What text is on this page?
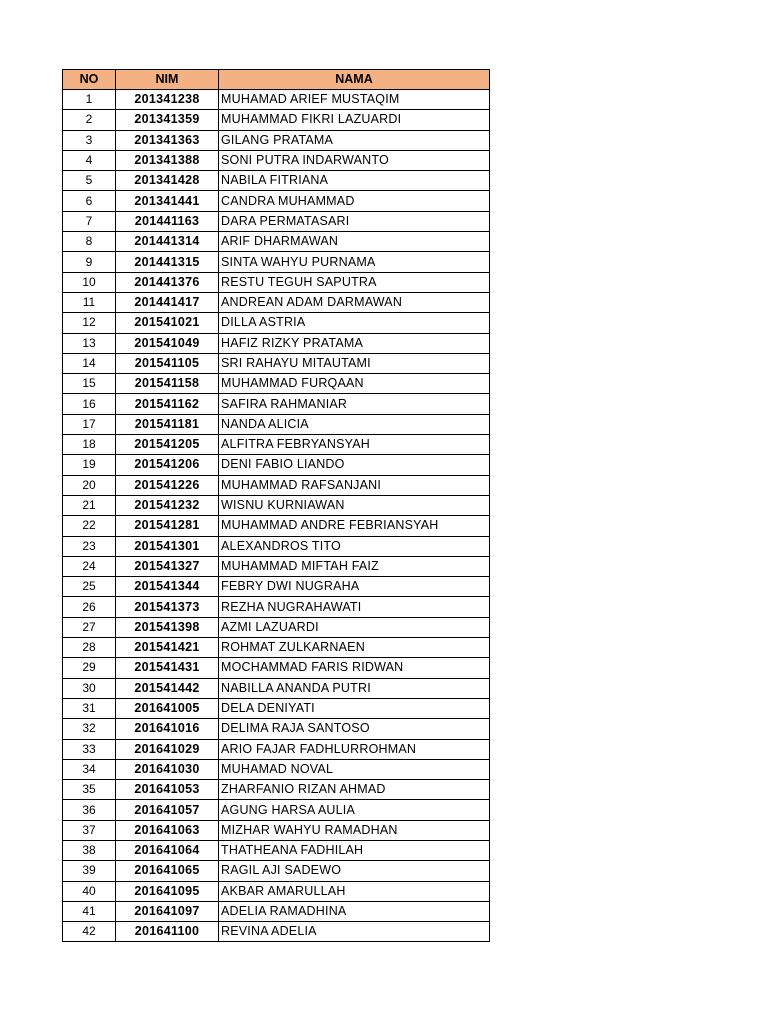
NO	NIM	NAMA
1	201341238	MUHAMAD ARIEF MUSTAQIM
2	201341359	MUHAMMAD FIKRI LAZUARDI
3	201341363	GILANG PRATAMA
4	201341388	SONI PUTRA INDARWANTO
5	201341428	NABILA FITRIANA
6	201341441	CANDRA MUHAMMAD
7	201441163	DARA PERMATASARI
8	201441314	ARIF DHARMAWAN
9	201441315	SINTA WAHYU PURNAMA
10	201441376	RESTU TEGUH SAPUTRA
11	201441417	ANDREAN ADAM DARMAWAN
12	201541021	DILLA ASTRIA
13	201541049	HAFIZ RIZKY PRATAMA
14	201541105	SRI RAHAYU MITAUTAMI
15	201541158	MUHAMMAD FURQAAN
16	201541162	SAFIRA RAHMANIAR
17	201541181	NANDA ALICIA
18	201541205	ALFITRA FEBRYANSYAH
19	201541206	DENI FABIO LIANDO
20	201541226	MUHAMMAD RAFSANJANI
21	201541232	WISNU KURNIAWAN
22	201541281	MUHAMMAD ANDRE FEBRIANSYAH
23	201541301	ALEXANDROS TITO
24	201541327	MUHAMMAD MIFTAH FAIZ
25	201541344	FEBRY DWI NUGRAHA
26	201541373	REZHA NUGRAHAWATI
27	201541398	AZMI LAZUARDI
28	201541421	ROHMAT ZULKARNAEN
29	201541431	MOCHAMMAD FARIS RIDWAN
30	201541442	NABILLA ANANDA PUTRI
31	201641005	DELA DENIYATI
32	201641016	DELIMA RAJA SANTOSO
33	201641029	ARIO FAJAR FADHLURROHMAN
34	201641030	MUHAMAD NOVAL
35	201641053	ZHARFANIO RIZAN AHMAD
36	201641057	AGUNG HARSA AULIA
37	201641063	MIZHAR WAHYU RAMADHAN
38	201641064	THATHEANA FADHILAH
39	201641065	RAGIL AJI SADEWO
40	201641095	AKBAR AMARULLAH
41	201641097	ADELIA RAMADHINA
42	201641100	REVINA ADELIA
